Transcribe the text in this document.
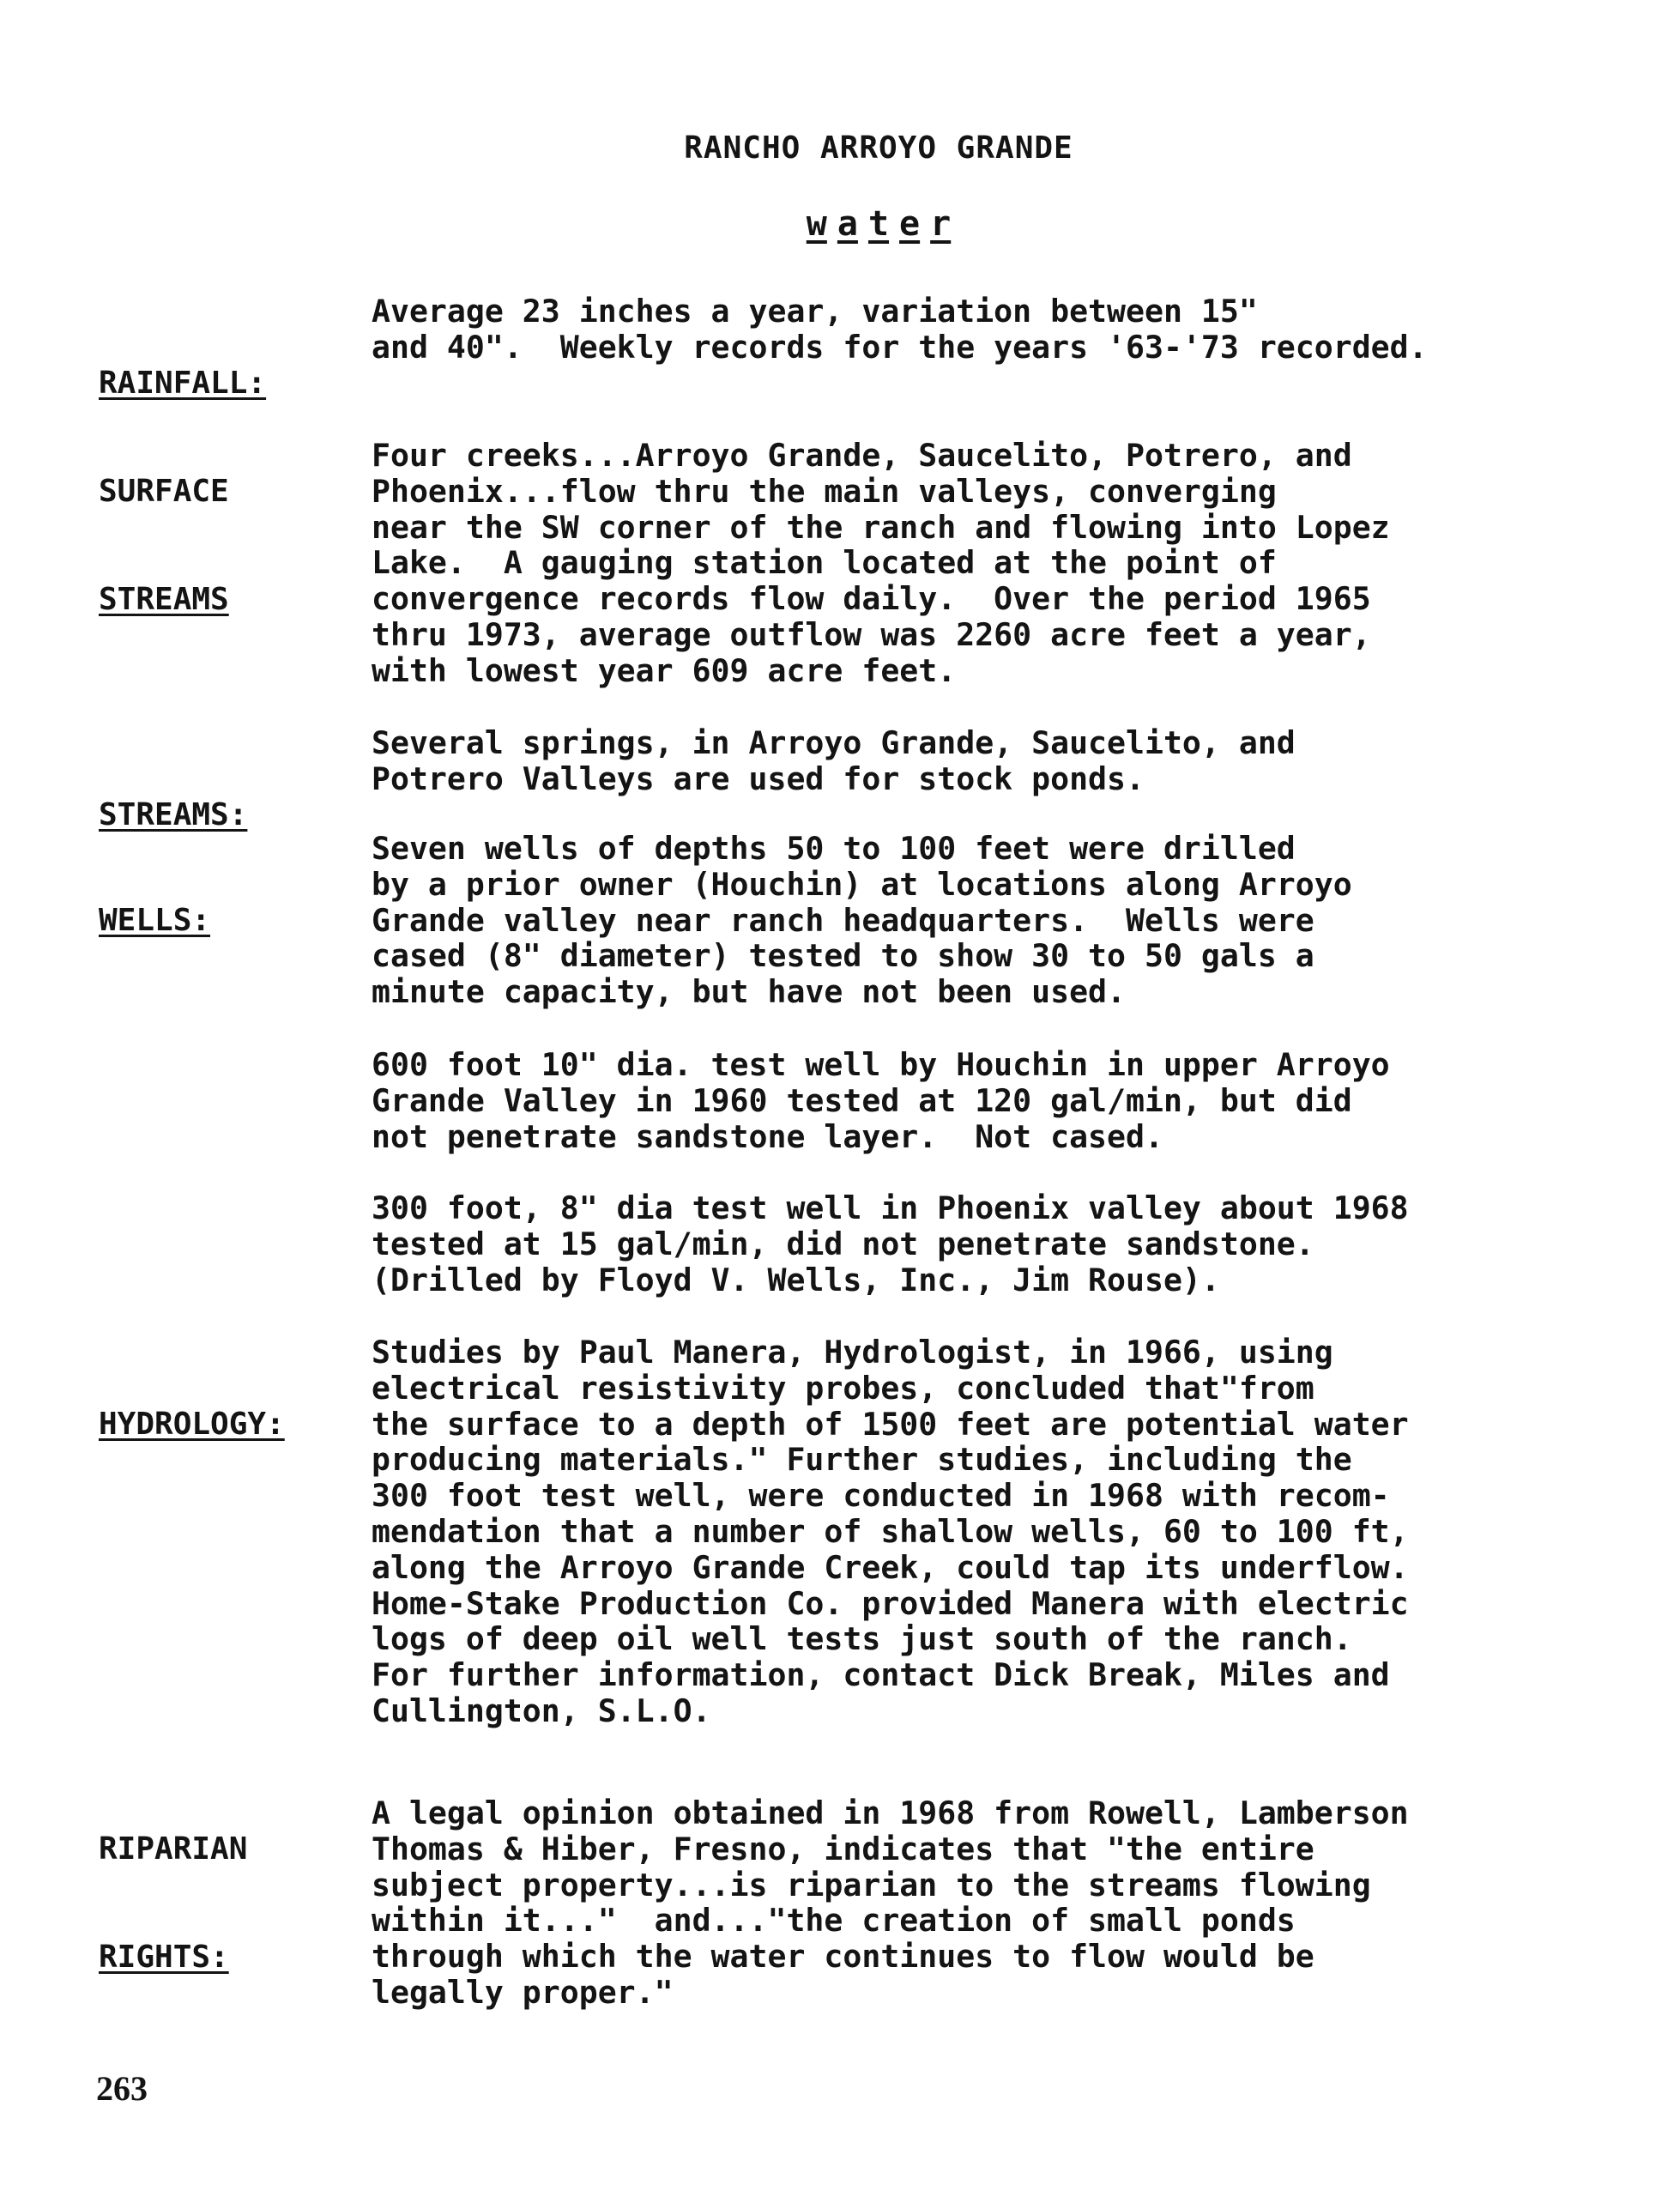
RANCHO ARROYO GRANDE
w a t e r

RAINFALL:

Average 23 inches a year, variation between 15"
and 40".  Weekly records for the years '63-'73 recorded.

SURFACE

STREAMS

Four creeks...Arroyo Grande, Saucelito, Potrero, and
Phoenix...flow thru the main valleys, converging
near the SW corner of the ranch and flowing into Lopez
Lake.  A gauging station located at the point of
convergence records flow daily.  Over the period 1965
thru 1973, average outflow was 2260 acre feet a year,
with lowest year 609 acre feet.

STREAMS:

Several springs, in Arroyo Grande, Saucelito, and
Potrero Valleys are used for stock ponds.

WELLS:

Seven wells of depths 50 to 100 feet were drilled
by a prior owner (Houchin) at locations along Arroyo
Grande valley near ranch headquarters.  Wells were
cased (8" diameter) tested to show 30 to 50 gals a
minute capacity, but have not been used.
600 foot 10" dia. test well by Houchin in upper Arroyo
Grande Valley in 1960 tested at 120 gal/min, but did
not penetrate sandstone layer.  Not cased.
300 foot, 8" dia test well in Phoenix valley about 1968
tested at 15 gal/min, did not penetrate sandstone.
(Drilled by Floyd V. Wells, Inc., Jim Rouse).

HYDROLOGY:

Studies by Paul Manera, Hydrologist, in 1966, using
electrical resistivity probes, concluded that"from
the surface to a depth of 1500 feet are potential water
producing materials." Further studies, including the
300 foot test well, were conducted in 1968 with recom-
mendation that a number of shallow wells, 60 to 100 ft,
along the Arroyo Grande Creek, could tap its underflow.
Home-Stake Production Co. provided Manera with electric
logs of deep oil well tests just south of the ranch.
For further information, contact Dick Break, Miles and
Cullington, S.L.O.

RIPARIAN

RIGHTS:

A legal opinion obtained in 1968 from Rowell, Lamberson
Thomas & Hiber, Fresno, indicates that "the entire
subject property...is riparian to the streams flowing
within it..."  and..."the creation of small ponds
through which the water continues to flow would be
legally proper."
263
